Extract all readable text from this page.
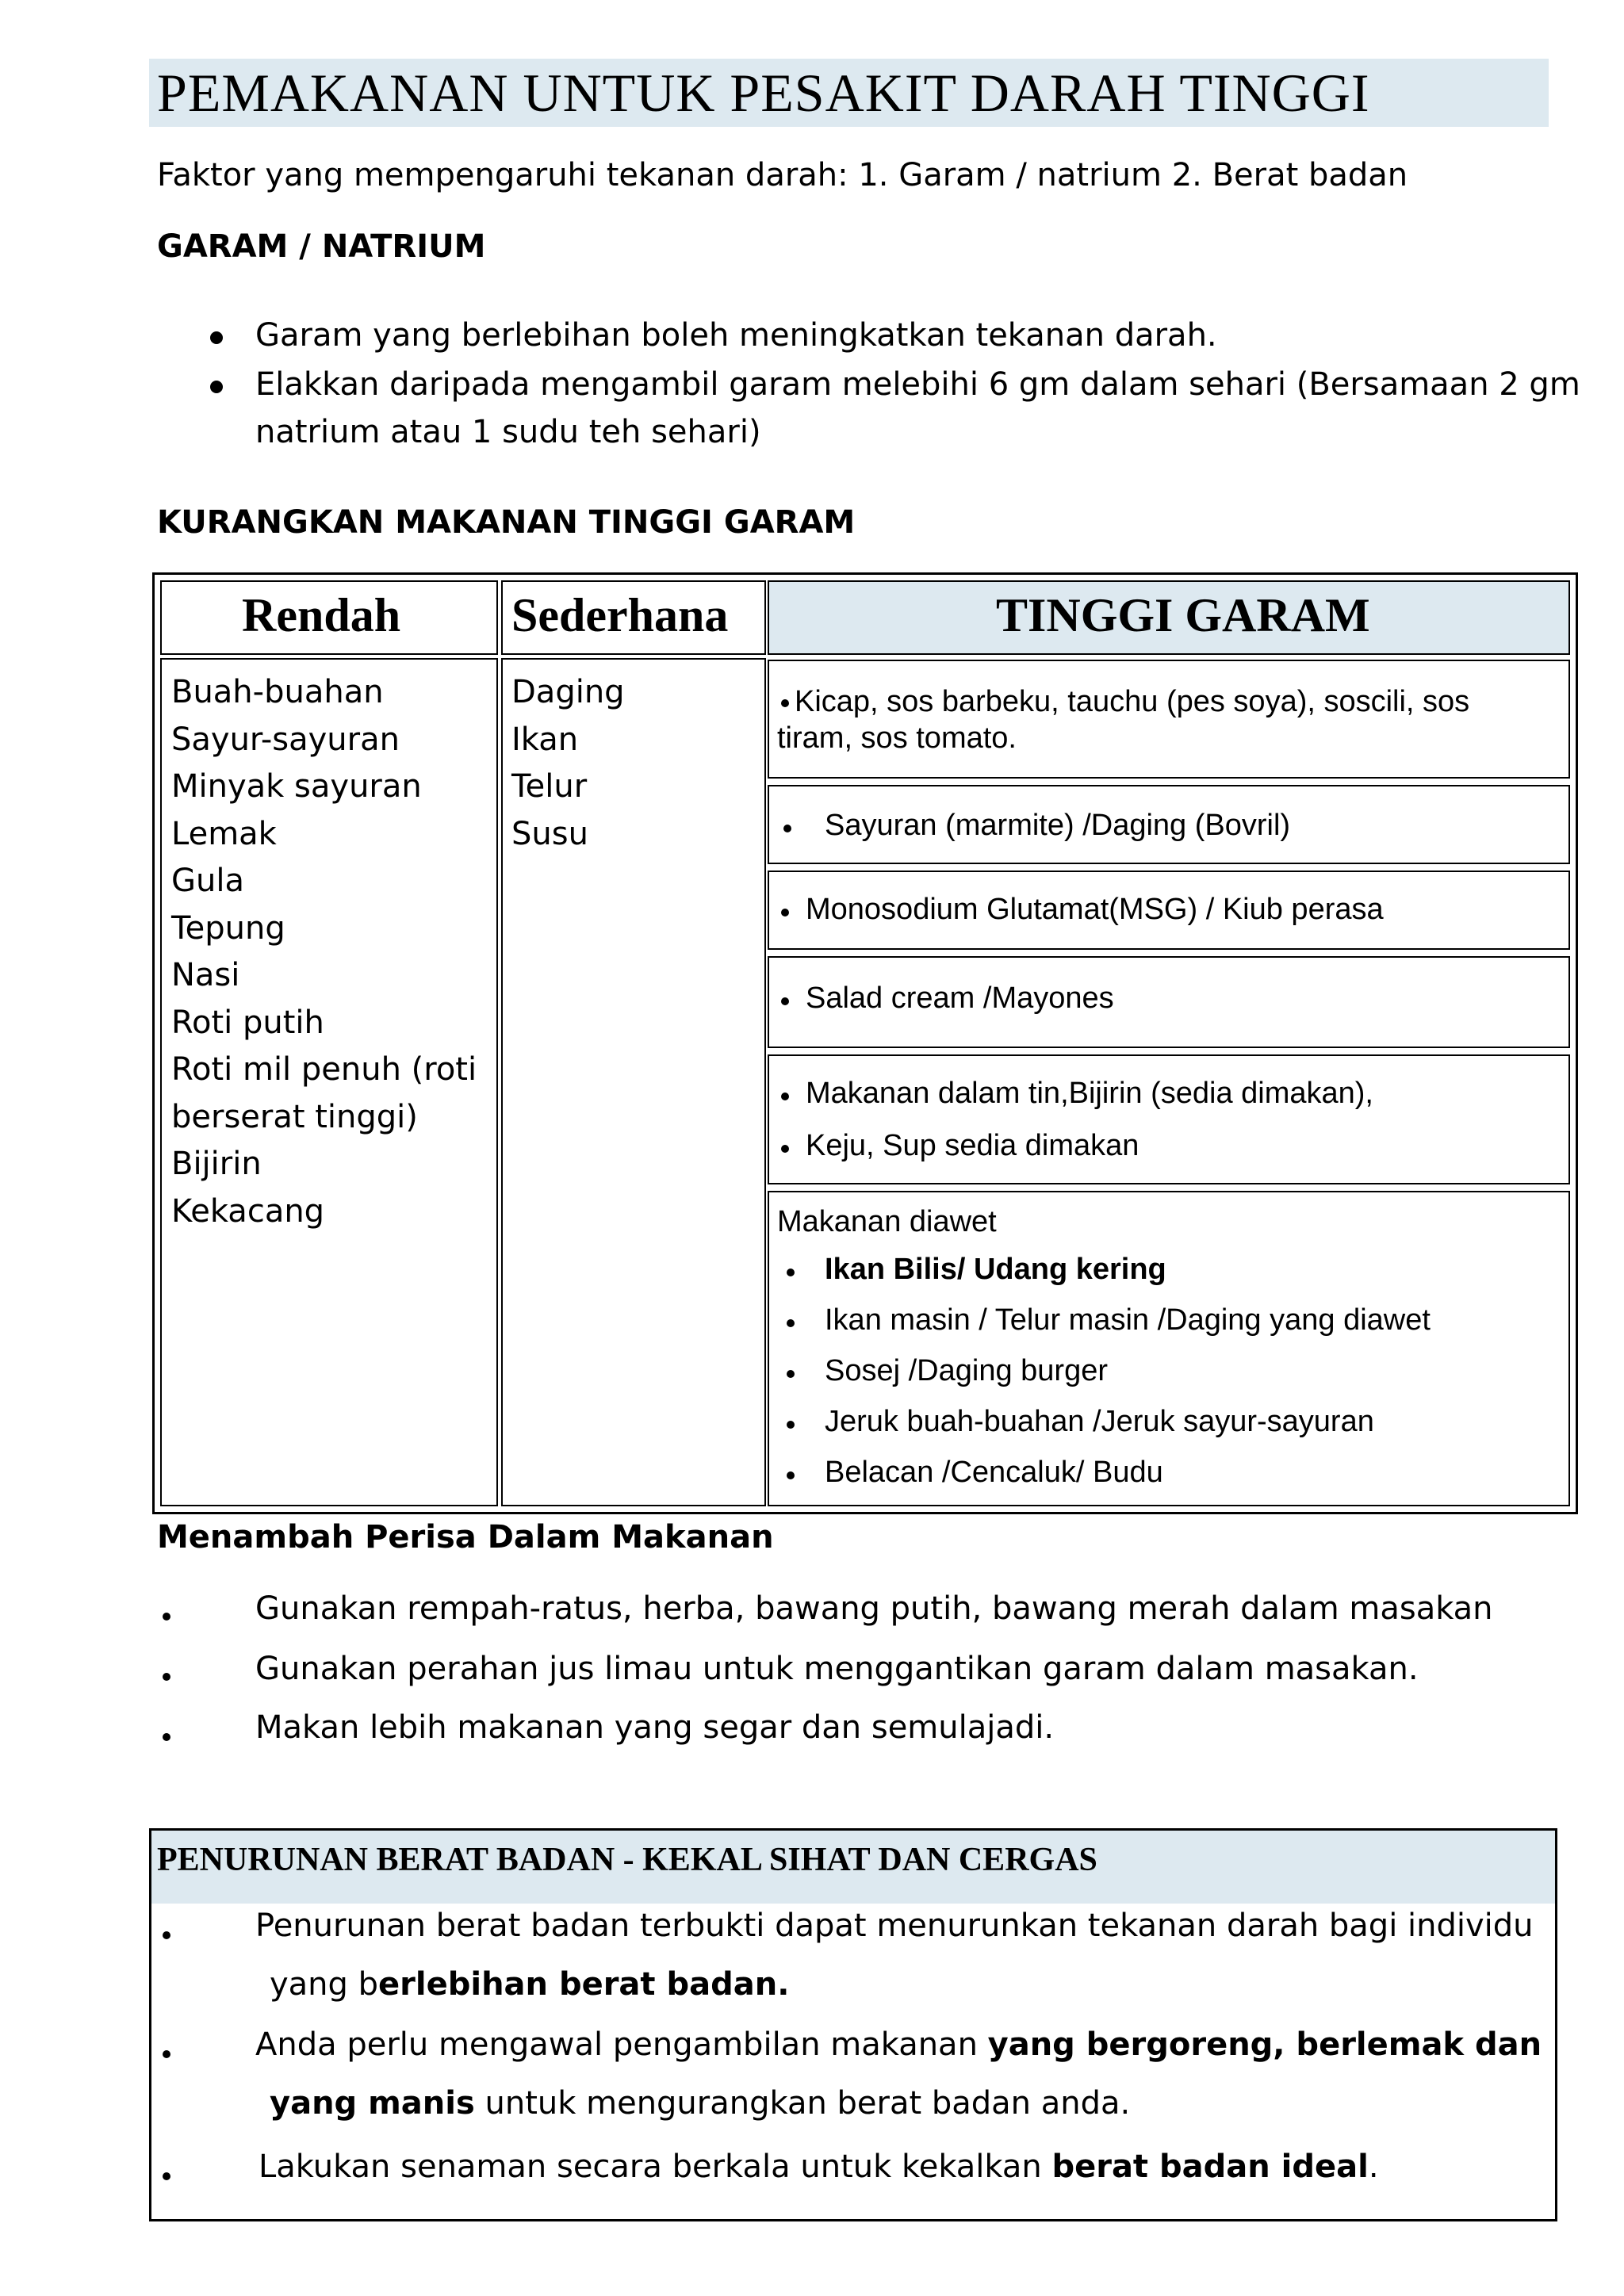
PEMAKANAN UNTUK PESAKIT DARAH TINGGI
Faktor yang mempengaruhi tekanan darah: 1. Garam / natrium 2. Berat badan
GARAM / NATRIUM
Garam yang berlebihan boleh meningkatkan tekanan darah.
Elakkan daripada mengambil garam melebihi 6 gm dalam sehari (Bersamaan 2 gm
natrium atau 1 sudu teh sehari)
KURANGKAN MAKANAN TINGGI GARAM
Rendah Sederhana	TINGGI GARAM
Buah-buahan
Sayur-sayuran
Minyak sayuran
Lemak
Gula
Tepung
Nasi
Roti putih
Roti mil penuh (roti
berserat tinggi)
Bijirin
Kekacang
Daging
Ikan
Telur
Susu
Kicap, sos barbeku, tauchu (pes soya), soscili, sos
tiram, sos tomato.
Sayuran (marmite) /Daging (Bovril)
Monosodium Glutamat(MSG) / Kiub perasa
Salad cream /Mayones
Makanan dalam tin,Bijirin (sedia dimakan),
Keju, Sup sedia dimakan
Makanan diawet
Ikan Bilis/ Udang kering
Ikan masin / Telur masin /Daging yang diawet
Sosej /Daging burger
Jeruk buah-buahan /Jeruk sayur-sayuran
Belacan /Cencaluk/ Budu
Menambah Perisa Dalam Makanan
Gunakan rempah-ratus, herba, bawang putih, bawang merah dalam masakan
Gunakan perahan jus limau untuk menggantikan garam dalam masakan.
Makan lebih makanan yang segar dan semulajadi.
PENURUNAN BERAT BADAN - KEKAL SIHAT DAN CERGAS
Penurunan berat badan terbukti dapat menurunkan tekanan darah bagi individu
yang berlebihan berat badan.
Anda perlu mengawal pengambilan makanan yang bergoreng, berlemak dan
yang manis untuk mengurangkan berat badan anda.
Lakukan senaman secara berkala untuk kekalkan berat badan ideal.
